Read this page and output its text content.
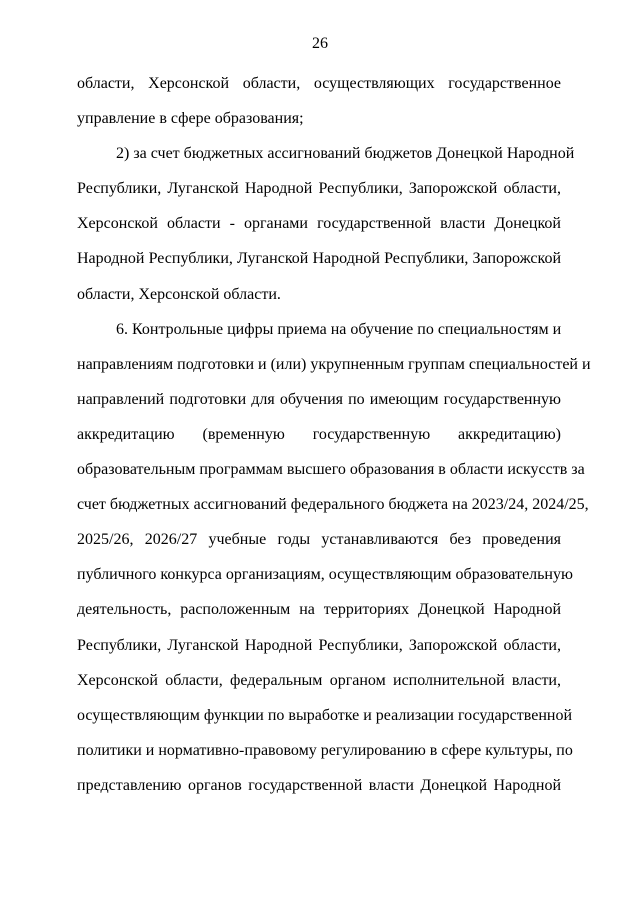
26
области, Херсонской области, осуществляющих государственное
управление в сфере образования;
2) за счет бюджетных ассигнований бюджетов Донецкой Народной
Республики, Луганской Народной Республики, Запорожской области,
Херсонской области - органами государственной власти Донецкой
Народной Республики, Луганской Народной Республики, Запорожской
области, Херсонской области.
6. Контрольные цифры приема на обучение по специальностям и
направлениям подготовки и (или) укрупненным группам специальностей и
направлений подготовки для обучения по имеющим государственную
аккредитацию (временную государственную аккредитацию)
образовательным программам высшего образования в области искусств за
счет бюджетных ассигнований федерального бюджета на 2023/24, 2024/25,
2025/26, 2026/27 учебные годы устанавливаются без проведения
публичного конкурса организациям, осуществляющим образовательную
деятельность, расположенным на территориях Донецкой Народной
Республики, Луганской Народной Республики, Запорожской области,
Херсонской области, федеральным органом исполнительной власти,
осуществляющим функции по выработке и реализации государственной
политики и нормативно-правовому регулированию в сфере культуры, по
представлению органов государственной власти Донецкой Народной
